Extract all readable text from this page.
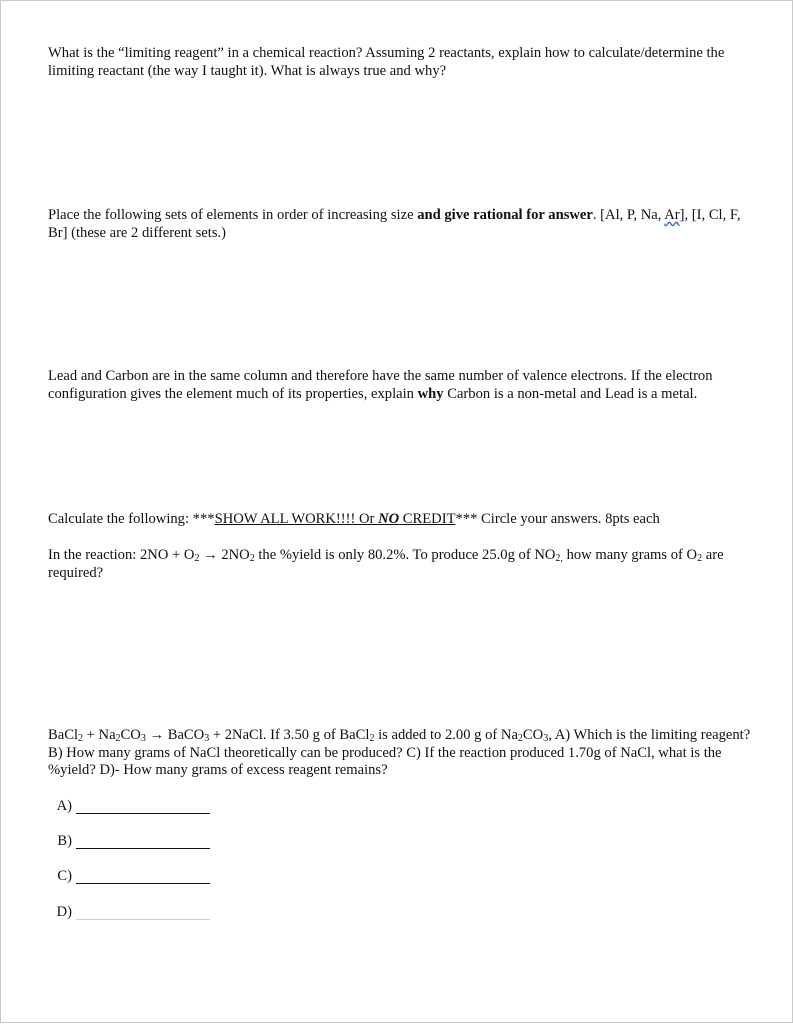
What is the “limiting reagent” in a chemical reaction? Assuming 2 reactants, explain how to calculate/determine the limiting reactant (the way I taught it). What is always true and why?

Place the following sets of elements in order of increasing size and give rational for answer. [Al, P, Na, Ar], [I, Cl, F, Br] (these are 2 different sets.)

Lead and Carbon are in the same column and therefore have the same number of valence electrons. If the electron configuration gives the element much of its properties, explain why Carbon is a non-metal and Lead is a metal.

Calculate the following: ***SHOW ALL WORK!!!! Or NO CREDIT*** Circle your answers. 8pts each

In the reaction: $2NO + O_2 \to 2NO_2$ the %yield is only 80.2%. To produce 25.0g of $NO_{2,}$ how many grams of $O_2$ are required?

BaCl$_2$ + $Na_2CO_3$ → BaCO$_3$ + 2NaCl. If 3.50 g of BaCl$_2$ is added to 2.00 g of $Na_2CO_3$, A) Which is the limiting reagent? B) How many grams of NaCl theoretically can be produced? C) If the reaction produced 1.70g of NaCl, what is the %yield? D)- How many grams of excess reagent remains?

A)
B)
C)
D)
